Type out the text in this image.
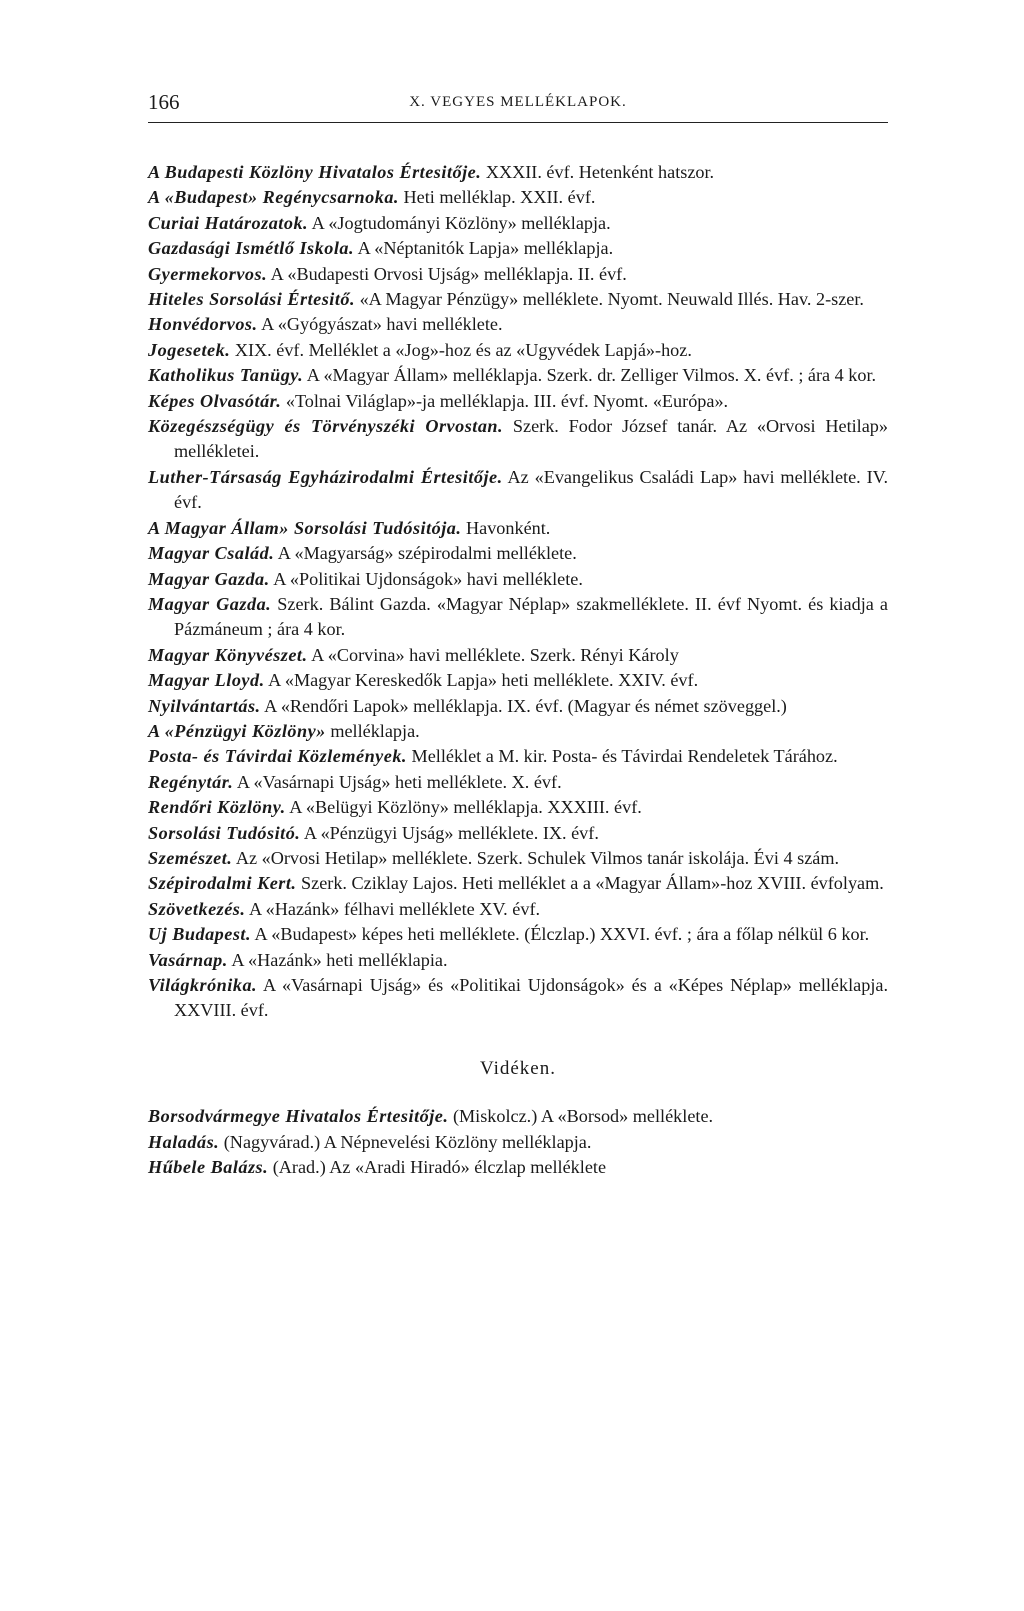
166	X. VEGYES MELLÉKLAPOK.
A Budapesti Közlöny Hivatalos Értesitője. XXXII. évf. Hetenként hatszor.
A «Budapest» Regénycsarnoka. Heti melléklap. XXII. évf.
Curiai Határozatok. A «Jogtudományi Közlöny» melléklapja.
Gazdasági Ismétlő Iskola. A «Néptanitók Lapja» melléklapja.
Gyermekorvos. A «Budapesti Orvosi Ujság» melléklapja. II. évf.
Hiteles Sorsolási Értesitő. «A Magyar Pénzügy» melléklete. Nyomt. Neuwald Illés. Hav. 2-szer.
Honvédorvos. A «Gyógyászat» havi melléklete.
Jogesetek. XIX. évf. Melléklet a «Jog»-hoz és az «Ugyvédek Lapjá»-hoz.
Katholikus Tanügy. A «Magyar Állam» melléklapja. Szerk. dr. Zelliger Vilmos. X. évf. ; ára 4 kor.
Képes Olvasótár. «Tolnai Világlap»-ja melléklapja. III. évf. Nyomt. «Európa».
Közegészségügy és Törvényszéki Orvostan. Szerk. Fodor József tanár. Az «Orvosi Hetilap» mellékletei.
Luther-Társaság Egyházirodalmi Értesitője. Az «Evangelikus Családi Lap» havi melléklete. IV. évf.
A Magyar Állam» Sorsolási Tudósitója. Havonként.
Magyar Család. A «Magyarság» szépirodalmi melléklete.
Magyar Gazda. A «Politikai Ujdonságok» havi melléklete.
Magyar Gazda. Szerk. Bálint Gazda. «Magyar Néplap» szakmelléklete. II. évf Nyomt. és kiadja a Pázmáneum ; ára 4 kor.
Magyar Könyvészet. A «Corvina» havi melléklete. Szerk. Rényi Károly
Magyar Lloyd. A «Magyar Kereskedők Lapja» heti melléklete. XXIV. évf.
Nyilvántartás. A «Rendőri Lapok» melléklapja. IX. évf. (Magyar és német szöveggel.)
A «Pénzügyi Közlöny» melléklapja.
Posta- és Távirdai Közlemények. Melléklet a M. kir. Posta- és Távirdai Rendeletek Tárához.
Regénytár. A «Vasárnapi Ujság» heti melléklete. X. évf.
Rendőri Közlöny. A «Belügyi Közlöny» melléklapja. XXXIII. évf.
Sorsolási Tudósitó. A «Pénzügyi Ujság» melléklete. IX. évf.
Szemészet. Az «Orvosi Hetilap» melléklete. Szerk. Schulek Vilmos tanár iskolája. Évi 4 szám.
Szépirodalmi Kert. Szerk. Cziklay Lajos. Heti melléklet a a «Magyar Állam»-hoz XVIII. évfolyam.
Szövetkezés. A «Hazánk» félhavi melléklete XV. évf.
Uj Budapest. A «Budapest» képes heti melléklete. (Élczlap.) XXVI. évf. ; ára a főlap nélkül 6 kor.
Vasárnap. A «Hazánk» heti melléklapia.
Világkrónika. A «Vasárnapi Ujság» és «Politikai Ujdonságok» és a «Képes Néplap» melléklapja. XXVIII. évf.
Vidéken.
Borsodvármegye Hivatalos Értesitője. (Miskolcz.) A «Borsod» melléklete.
Haladás. (Nagyvárad.) A Népnevelési Közlöny melléklapja.
Hűbele Balázs. (Arad.) Az «Aradi Hiradó» élczlap melléklete
